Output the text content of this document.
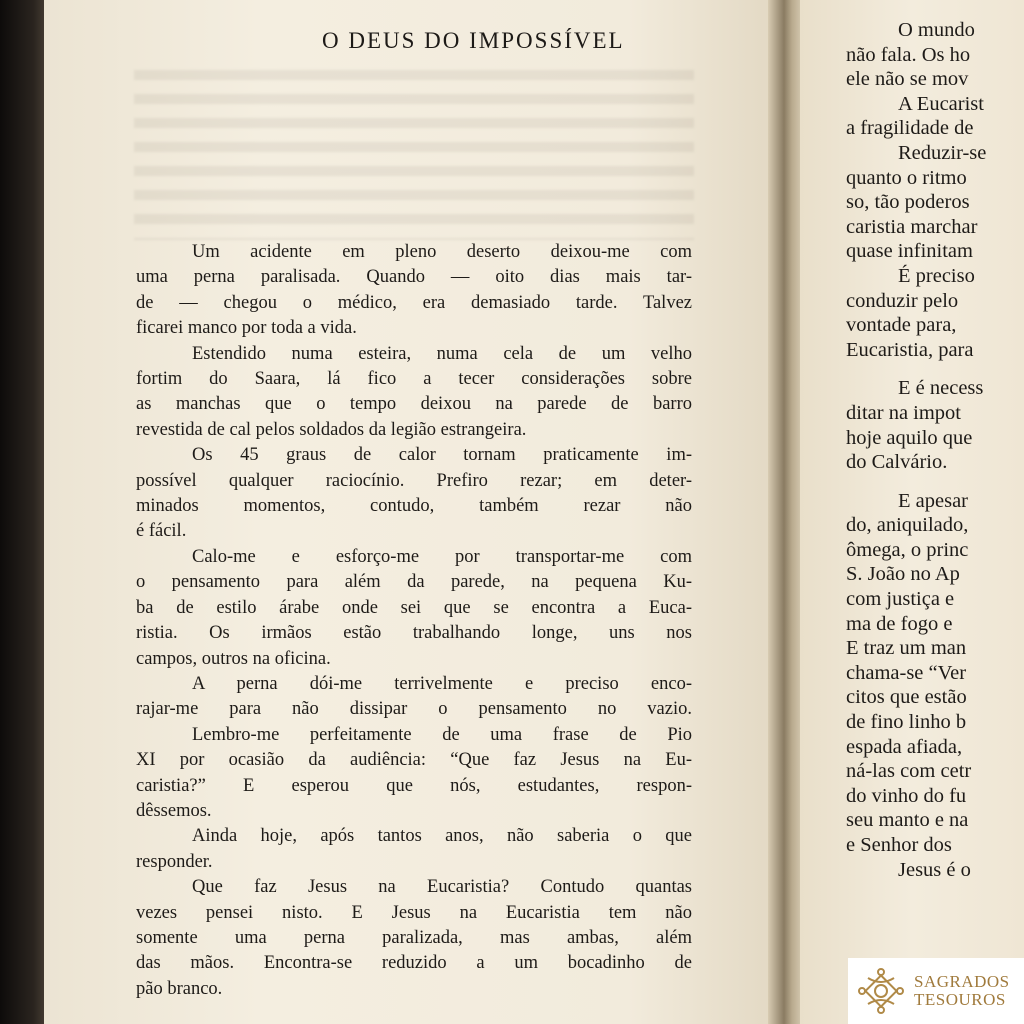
O DEUS DO IMPOSSÍVEL
Um acidente em pleno deserto deixou-me com
uma perna paralisada. Quando — oito dias mais tar-
de — chegou o médico, era demasiado tarde. Talvez
ficarei manco por toda a vida.
Estendido numa esteira, numa cela de um velho
fortim do Saara, lá fico a tecer considerações sobre
as manchas que o tempo deixou na parede de barro
revestida de cal pelos soldados da legião estrangeira.
Os 45 graus de calor tornam praticamente im-
possível qualquer raciocínio. Prefiro rezar; em deter-
minados momentos, contudo, também rezar não
é fácil.
Calo-me e esforço-me por transportar-me com
o pensamento para além da parede, na pequena Ku-
ba de estilo árabe onde sei que se encontra a Euca-
ristia. Os irmãos estão trabalhando longe, uns nos
campos, outros na oficina.
A perna dói-me terrivelmente e preciso enco-
rajar-me para não dissipar o pensamento no vazio.
Lembro-me perfeitamente de uma frase de Pio
XI por ocasião da audiência: “Que faz Jesus na Eu-
caristia?” E esperou que nós, estudantes, respon-
dêssemos.
Ainda hoje, após tantos anos, não saberia o que
responder.
Que faz Jesus na Eucaristia? Contudo quantas
vezes pensei nisto. E Jesus na Eucaristia tem não
somente uma perna paralizada, mas ambas, além
das mãos. Encontra-se reduzido a um bocadinho de
pão branco.
O mundo
não fala. Os ho
ele não se mov
A Eucarist
a fragilidade de
Reduzir-se
quanto o ritmo
so, tão poderos
caristia marchar
quase infinitam
É preciso
conduzir pelo
vontade para,
Eucaristia, para
E é necess
ditar na impot
hoje aquilo que
do Calvário.
E apesar
do, aniquilado,
ômega, o princ
S. João no Ap
com justiça e
ma de fogo e
E traz um man
chama-se “Ver
citos que estão
de fino linho b
espada afiada,
ná-las com cetr
do vinho do fu
seu manto e na
e Senhor dos
Jesus é o
SAGRADOS
TESOUROS
